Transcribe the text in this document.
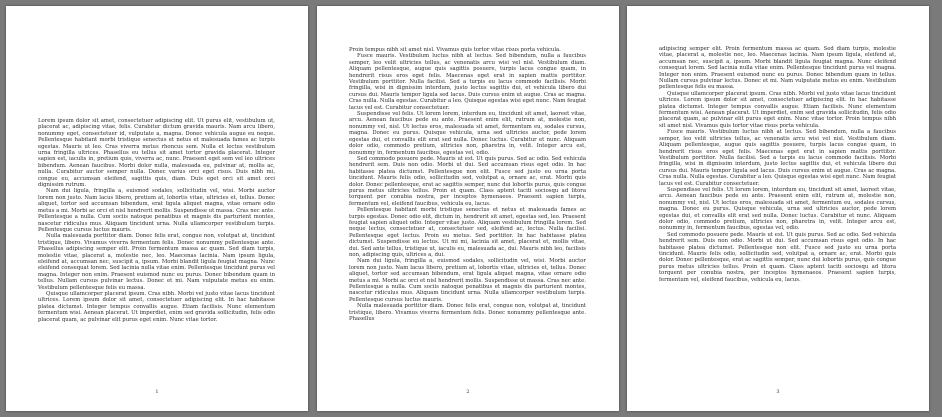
Lorem ipsum dolor sit amet, consectetuer adipiscing elit. Ut purus elit, vestibulum ut, placerat ac, adipiscing vitae, felis. Curabitur dictum gravida mauris. Nam arcu libero, nonummy eget, consectetuer id, vulputate a, magna. Donec vehicula augue eu neque. Pellentesque habitant morbi tristique senectus et netus et malesuada fames ac turpis egestas. Mauris ut leo. Cras viverra metus rhoncus sem. Nulla et lectus vestibulum urna fringilla ultrices. Phasellus eu tellus sit amet tortor gravida placerat. Integer sapien est, iaculis in, pretium quis, viverra ac, nunc. Praesent eget sem vel leo ultrices bibendum. Aenean faucibus. Morbi dolor nulla, malesuada eu, pulvinar at, mollis ac, nulla. Curabitur auctor semper nulla. Donec varius orci eget risus. Duis nibh mi, congue eu, accumsan eleifend, sagittis quis, diam. Duis eget orci sit amet orci dignissim rutrum.

Nam dui ligula, fringilla a, euismod sodales, sollicitudin vel, wisi. Morbi auctor lorem non justo. Nam lacus libero, pretium at, lobortis vitae, ultricies et, tellus. Donec aliquet, tortor sed accumsan bibendum, erat ligula aliquet magna, vitae ornare odio metus a mi. Morbi ac orci et nisl hendrerit mollis. Suspendisse ut massa. Cras nec ante. Pellentesque a nulla. Cum sociis natoque penatibus et magnis dis parturient montes, nascetur ridiculus mus. Aliquam tincidunt urna. Nulla ullamcorper vestibulum turpis. Pellentesque cursus luctus mauris.

Nulla malesuada porttitor diam. Donec felis erat, congue non, volutpat at, tincidunt tristique, libero. Vivamus viverra fermentum felis. Donec nonummy pellentesque ante. Phasellus adipiscing semper elit. Proin fermentum massa ac quam. Sed diam turpis, molestie vitae, placerat a, molestie nec, leo. Maecenas lacinia. Nam ipsum ligula, eleifend at, accumsan nec, suscipit a, ipsum. Morbi blandit ligula feugiat magna. Nunc eleifend consequat lorem. Sed lacinia nulla vitae enim. Pellentesque tincidunt purus vel magna. Integer non enim. Praesent euismod nunc eu purus. Donec bibendum quam in tellus. Nullam cursus pulvinar lectus. Donec et mi. Nam vulputate metus eu enim. Vestibulum pellentesque felis eu massa.

Quisque ullamcorper placerat ipsum. Cras nibh. Morbi vel justo vitae lacus tincidunt ultrices. Lorem ipsum dolor sit amet, consectetuer adipiscing elit. In hac habitasse platea dictumst. Integer tempus convallis augue. Etiam facilisis. Nunc elementum fermentum wisi. Aenean placerat. Ut imperdiet, enim sed gravida sollicitudin, felis odio placerat quam, ac pulvinar elit purus eget enim. Nunc vitae tortor.

1

Proin tempus nibh sit amet nisl. Vivamus quis tortor vitae risus porta vehicula.

Fusce mauris. Vestibulum luctus nibh at lectus. Sed bibendum, nulla a faucibus semper, leo velit ultricies tellus, ac venenatis arcu wisi vel nisl. Vestibulum diam. Aliquam pellentesque, augue quis sagittis posuere, turpis lacus congue quam, in hendrerit risus eros eget felis. Maecenas eget erat in sapien mattis porttitor. Vestibulum porttitor. Nulla facilisi. Sed a turpis eu lacus commodo facilisis. Morbi fringilla, wisi in dignissim interdum, justo lectus sagittis dui, et vehicula libero dui cursus dui. Mauris tempor ligula sed lacus. Duis cursus enim ut augue. Cras ac magna. Cras nulla. Nulla egestas. Curabitur a leo. Quisque egestas wisi eget nunc. Nam feugiat lacus vel est. Curabitur consectetuer.

Suspendisse vel felis. Ut lorem lorem, interdum eu, tincidunt sit amet, laoreet vitae, arcu. Aenean faucibus pede eu ante. Praesent enim elit, rutrum at, molestie non, nonummy vel, nisl. Ut lectus eros, malesuada sit amet, fermentum eu, sodales cursus, magna. Donec eu purus. Quisque vehicula, urna sed ultricies auctor, pede lorem egestas dui, et convallis elit erat sed nulla. Donec luctus. Curabitur et nunc. Aliquam dolor odio, commodo pretium, ultricies non, pharetra in, velit. Integer arcu est, nonummy in, fermentum faucibus, egestas vel, odio.

Sed commodo posuere pede. Mauris ut est. Ut quis purus. Sed ac odio. Sed vehicula hendrerit sem. Duis non odio. Morbi ut dui. Sed accumsan risus eget odio. In hac habitasse platea dictumst. Pellentesque non elit. Fusce sed justo eu urna porta tincidunt. Mauris felis odio, sollicitudin sed, volutpat a, ornare ac, erat. Morbi quis dolor. Donec pellentesque, erat ac sagittis semper, nunc dui lobortis purus, quis congue purus metus ultricies tellus. Proin et quam. Class aptent taciti sociosqu ad litora torquent per conubia nostra, per inceptos hymenaeos. Praesent sapien turpis, fermentum vel, eleifend faucibus, vehicula eu, lacus.

Pellentesque habitant morbi tristique senectus et netus et malesuada fames ac turpis egestas. Donec odio elit, dictum in, hendrerit sit amet, egestas sed, leo. Praesent feugiat sapien aliquet odio. Integer vitae justo. Aliquam vestibulum fringilla lorem. Sed neque lectus, consectetuer at, consectetuer sed, eleifend ac, lectus. Nulla facilisi. Pellentesque eget lectus. Proin eu metus. Sed porttitor. In hac habitasse platea dictumst. Suspendisse eu lectus. Ut mi mi, lacinia sit amet, placerat et, mollis vitae, dui. Sed ante tellus, tristique ut, iaculis eu, malesuada ac, dui. Mauris nibh leo, facilisis non, adipiscing quis, ultrices a, dui.

Nam dui ligula, fringilla a, euismod sodales, sollicitudin vel, wisi. Morbi auctor lorem non justo. Nam lacus libero, pretium at, lobortis vitae, ultricies et, tellus. Donec aliquet, tortor sed accumsan bibendum, erat ligula aliquet magna, vitae ornare odio metus a mi. Morbi ac orci et nisl hendrerit mollis. Suspendisse ut massa. Cras nec ante. Pellentesque a nulla. Cum sociis natoque penatibus et magnis dis parturient montes, nascetur ridiculus mus. Aliquam tincidunt urna. Nulla ullamcorper vestibulum turpis. Pellentesque cursus luctus mauris.

Nulla malesuada porttitor diam. Donec felis erat, congue non, volutpat at, tincidunt tristique, libero. Vivamus viverra fermentum felis. Donec nonummy pellentesque ante. Phasellus

2

adipiscing semper elit. Proin fermentum massa ac quam. Sed diam turpis, molestie vitae, placerat a, molestie nec, leo. Maecenas lacinia. Nam ipsum ligula, eleifend at, accumsan nec, suscipit a, ipsum. Morbi blandit ligula feugiat magna. Nunc eleifend consequat lorem. Sed lacinia nulla vitae enim. Pellentesque tincidunt purus vel magna. Integer non enim. Praesent euismod nunc eu purus. Donec bibendum quam in tellus. Nullam cursus pulvinar lectus. Donec et mi. Nam vulputate metus eu enim. Vestibulum pellentesque felis eu massa.

Quisque ullamcorper placerat ipsum. Cras nibh. Morbi vel justo vitae lacus tincidunt ultrices. Lorem ipsum dolor sit amet, consectetuer adipiscing elit. In hac habitasse platea dictumst. Integer tempus convallis augue. Etiam facilisis. Nunc elementum fermentum wisi. Aenean placerat. Ut imperdiet, enim sed gravida sollicitudin, felis odio placerat quam, ac pulvinar elit purus eget enim. Nunc vitae tortor. Proin tempus nibh sit amet nisl. Vivamus quis tortor vitae risus porta vehicula.

Fusce mauris. Vestibulum luctus nibh at lectus. Sed bibendum, nulla a faucibus semper, leo velit ultricies tellus, ac venenatis arcu wisi vel nisl. Vestibulum diam. Aliquam pellentesque, augue quis sagittis posuere, turpis lacus congue quam, in hendrerit risus eros eget felis. Maecenas eget erat in sapien mattis porttitor. Vestibulum porttitor. Nulla facilisi. Sed a turpis eu lacus commodo facilisis. Morbi fringilla, wisi in dignissim interdum, justo lectus sagittis dui, et vehicula libero dui cursus dui. Mauris tempor ligula sed lacus. Duis cursus enim ut augue. Cras ac magna. Cras nulla. Nulla egestas. Curabitur a leo. Quisque egestas wisi eget nunc. Nam feugiat lacus vel est. Curabitur consectetuer.

Suspendisse vel felis. Ut lorem lorem, interdum eu, tincidunt sit amet, laoreet vitae, arcu. Aenean faucibus pede eu ante. Praesent enim elit, rutrum at, molestie non, nonummy vel, nisl. Ut lectus eros, malesuada sit amet, fermentum eu, sodales cursus, magna. Donec eu purus. Quisque vehicula, urna sed ultricies auctor, pede lorem egestas dui, et convallis elit erat sed nulla. Donec luctus. Curabitur et nunc. Aliquam dolor odio, commodo pretium, ultricies non, pharetra in, velit. Integer arcu est, nonummy in, fermentum faucibus, egestas vel, odio.

Sed commodo posuere pede. Mauris ut est. Ut quis purus. Sed ac odio. Sed vehicula hendrerit sem. Duis non odio. Morbi ut dui. Sed accumsan risus eget odio. In hac habitasse platea dictumst. Pellentesque non elit. Fusce sed justo eu urna porta tincidunt. Mauris felis odio, sollicitudin sed, volutpat a, ornare ac, erat. Morbi quis dolor. Donec pellentesque, erat ac sagittis semper, nunc dui lobortis purus, quis congue purus metus ultricies tellus. Proin et quam. Class aptent taciti sociosqu ad litora torquent per conubia nostra, per inceptos hymenaeos. Praesent sapien turpis, fermentum vel, eleifend faucibus, vehicula eu, lacus.

3
